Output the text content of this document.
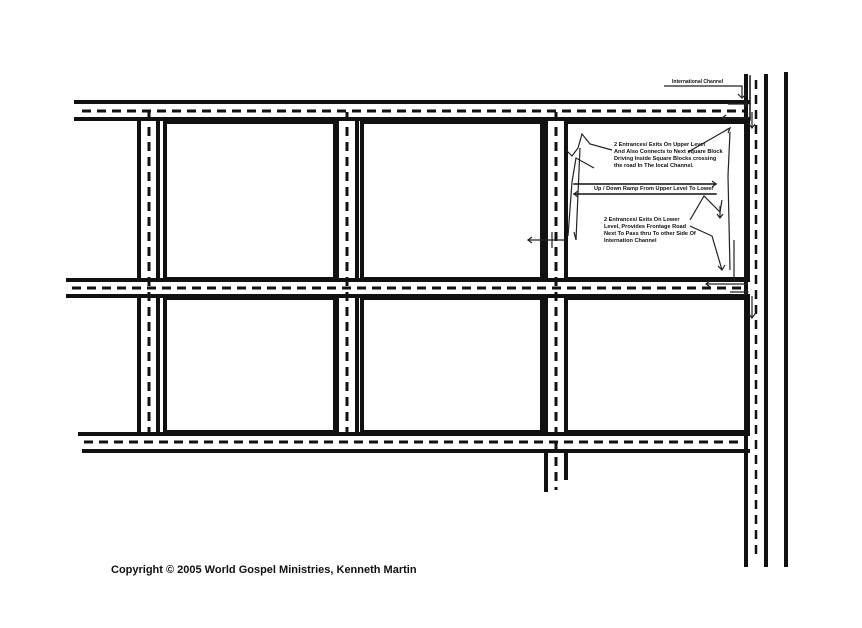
International Channel
2 Entrances/ Exits On Upper Level
And Also Connects to Next square Block
Driving Inside Square Blocks crossing
the road In The local Channel.
Up / Down Ramp From Upper Level To Lower
2 Entrances/ Exits On Lower
Level, Provides Frontage Road
Next To Pass thru To other Side Of
Internation Channel
Copyright © 2005 World Gospel Ministries, Kenneth Martin
